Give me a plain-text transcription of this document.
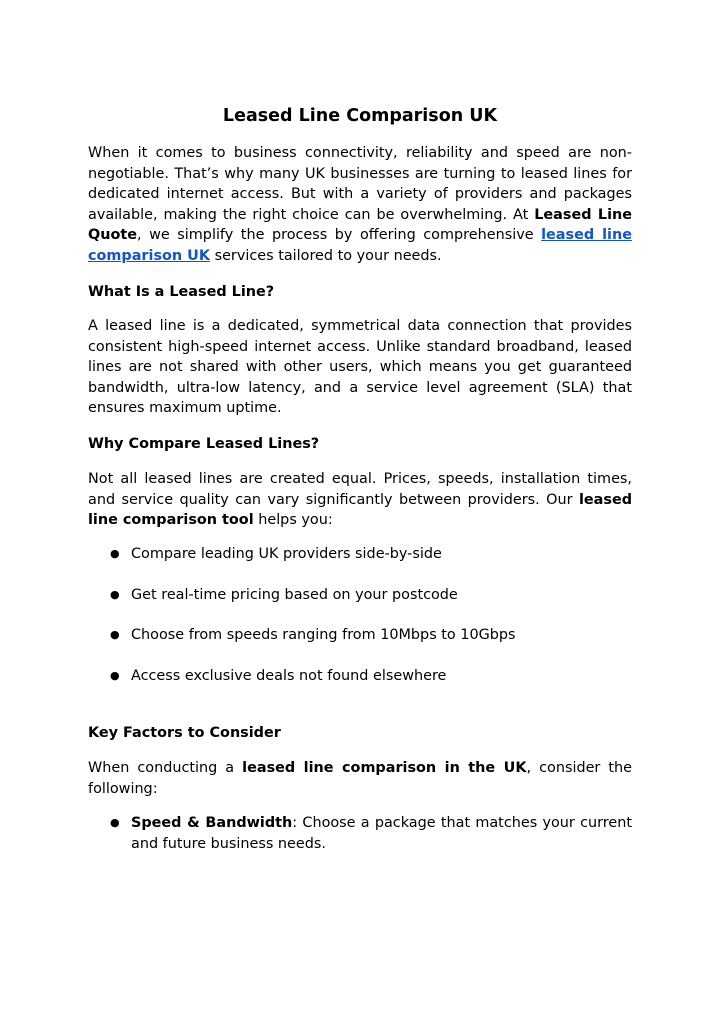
Leased Line Comparison UK

When it comes to business connectivity, reliability and speed are non-negotiable. That’s why many UK businesses are turning to leased lines for dedicated internet access. But with a variety of providers and packages available, making the right choice can be overwhelming. At Leased Line Quote, we simplify the process by offering comprehensive leased line comparison UK services tailored to your needs.

What Is a Leased Line?

A leased line is a dedicated, symmetrical data connection that provides consistent high-speed internet access. Unlike standard broadband, leased lines are not shared with other users, which means you get guaranteed bandwidth, ultra-low latency, and a service level agreement (SLA) that ensures maximum uptime.

Why Compare Leased Lines?

Not all leased lines are created equal. Prices, speeds, installation times, and service quality can vary significantly between providers. Our leased line comparison tool helps you:

● Compare leading UK providers side-by-side
● Get real-time pricing based on your postcode
● Choose from speeds ranging from 10Mbps to 10Gbps
● Access exclusive deals not found elsewhere
Key Factors to Consider

When conducting a leased line comparison in the UK, consider the following:

● Speed & Bandwidth: Choose a package that matches your current and future business needs.
